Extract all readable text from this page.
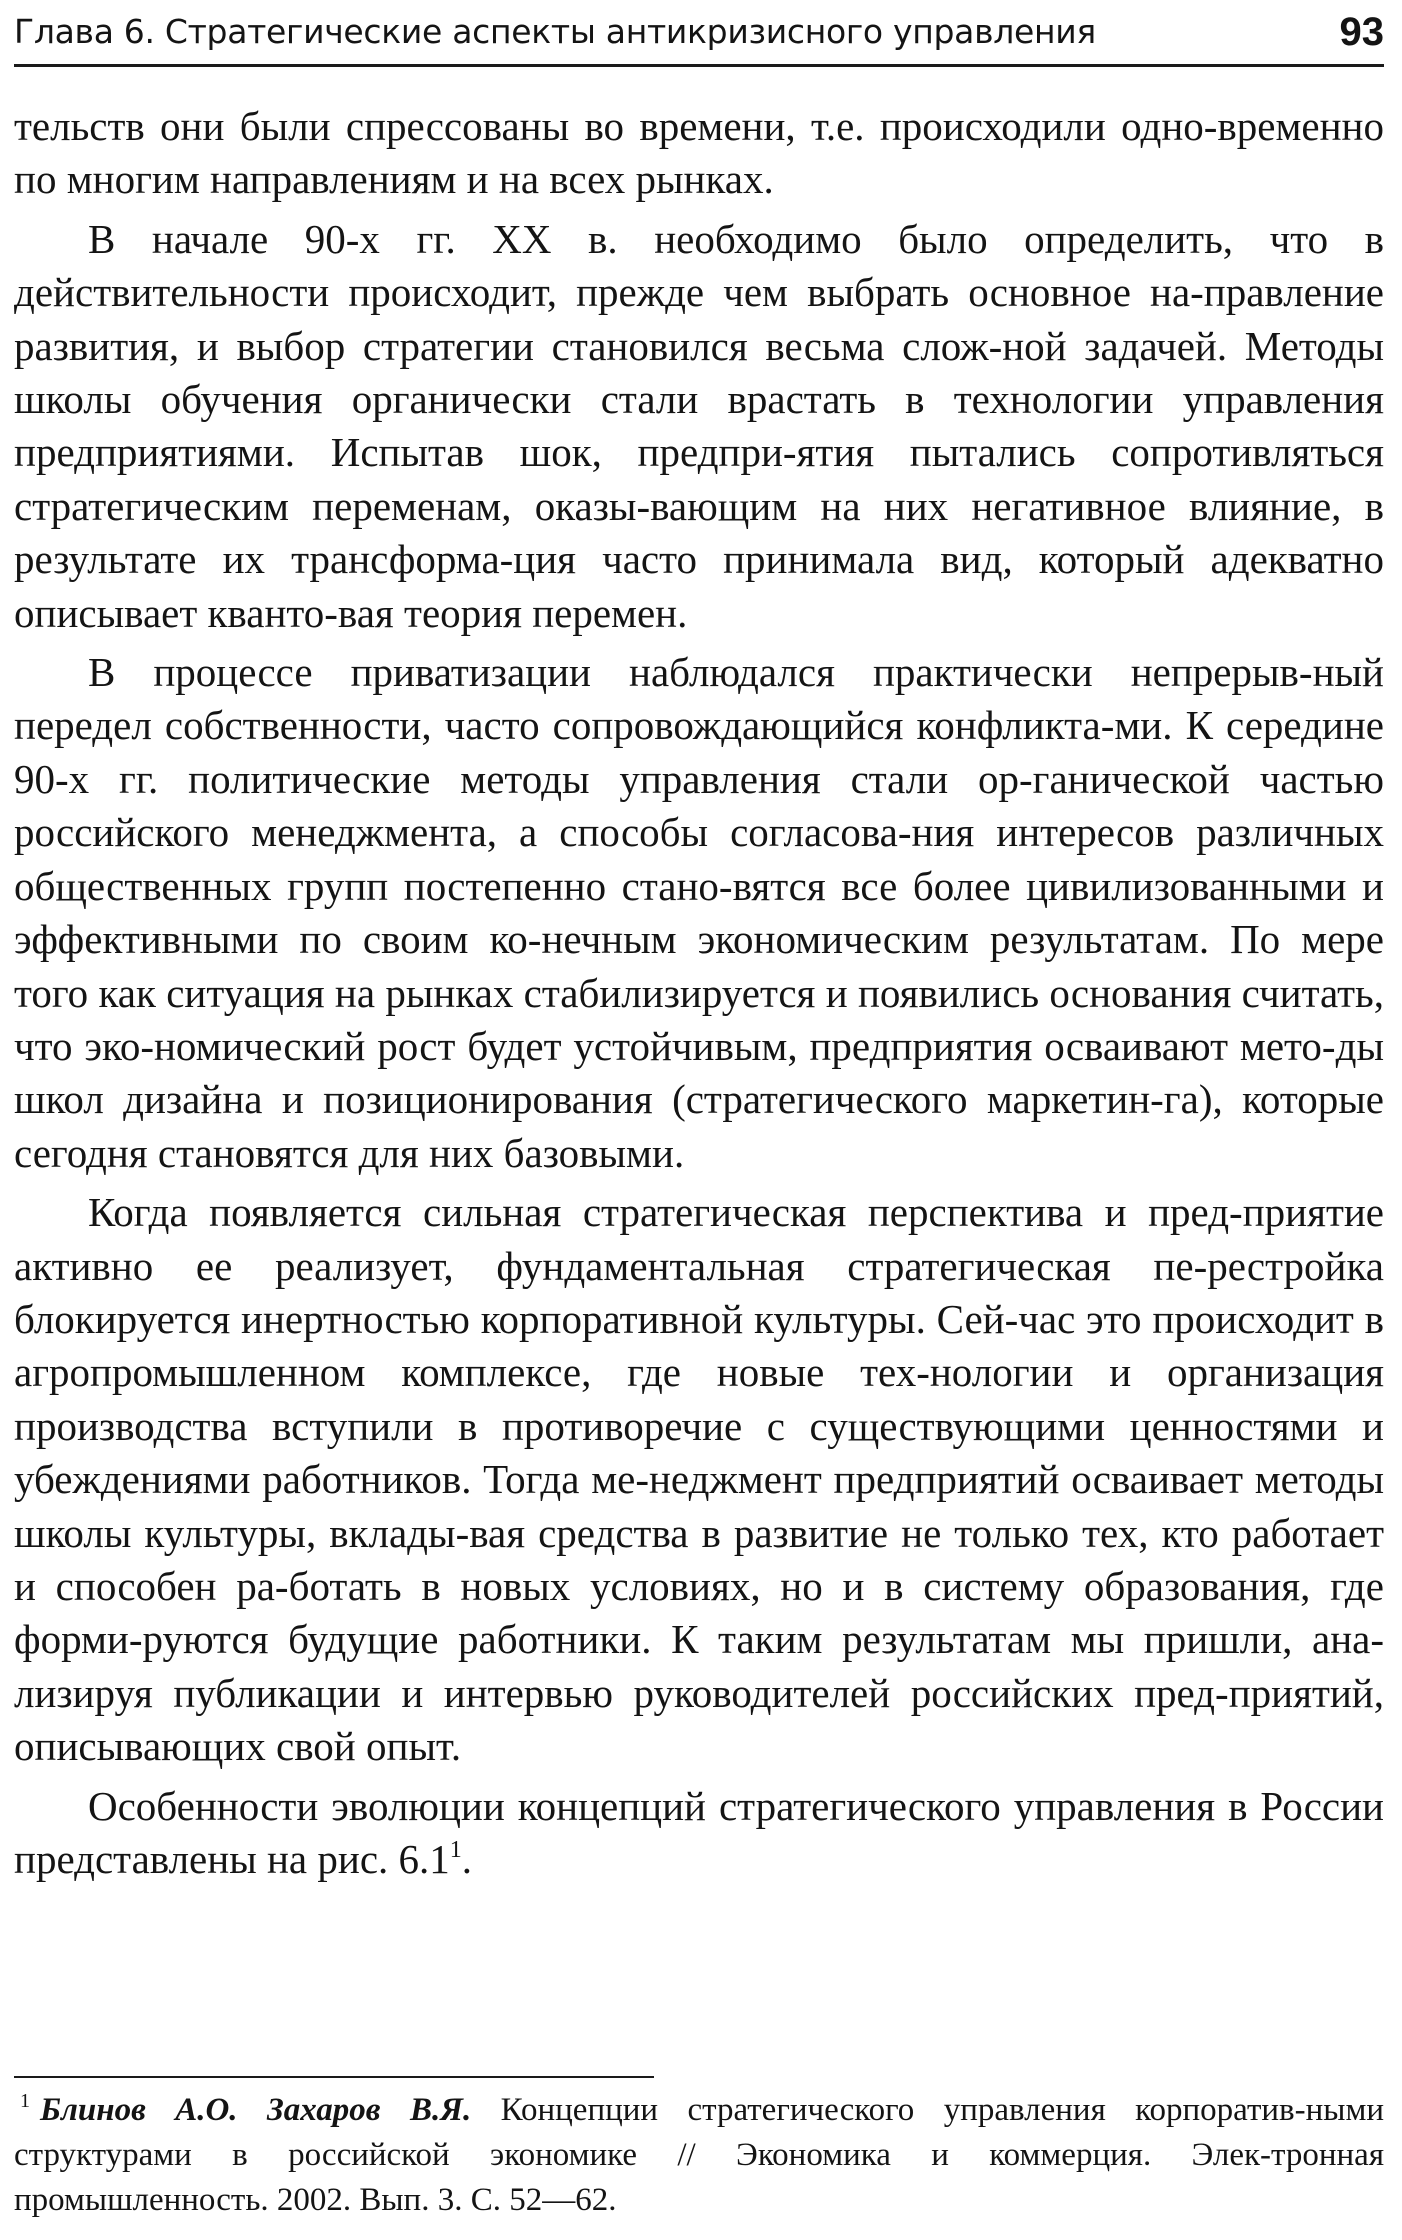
Глава 6. Стратегические аспекты антикризисного управления	93

тельств они были спрессованы во времени, т.е. происходили одно-временно по многим направлениям и на всех рынках.

В начале 90-х гг. XX в. необходимо было определить, что в действительности происходит, прежде чем выбрать основное на-правление развития, и выбор стратегии становился весьма слож-ной задачей. Методы школы обучения органически стали врастать в технологии управления предприятиями. Испытав шок, предпри-ятия пытались сопротивляться стратегическим переменам, оказы-вающим на них негативное влияние, в результате их трансформа-ция часто принимала вид, который адекватно описывает кванто-вая теория перемен.

В процессе приватизации наблюдался практически непрерыв-ный передел собственности, часто сопровождающийся конфликта-ми. К середине 90-х гг. политические методы управления стали ор-ганической частью российского менеджмента, а способы согласова-ния интересов различных общественных групп постепенно стано-вятся все более цивилизованными и эффективными по своим ко-нечным экономическим результатам. По мере того как ситуация на рынках стабилизируется и появились основания считать, что эко-номический рост будет устойчивым, предприятия осваивают мето-ды школ дизайна и позиционирования (стратегического маркетин-га), которые сегодня становятся для них базовыми.

Когда появляется сильная стратегическая перспектива и пред-приятие активно ее реализует, фундаментальная стратегическая пе-рестройка блокируется инертностью корпоративной культуры. Сей-час это происходит в агропромышленном комплексе, где новые тех-нологии и организация производства вступили в противоречие с существующими ценностями и убеждениями работников. Тогда ме-неджмент предприятий осваивает методы школы культуры, вклады-вая средства в развитие не только тех, кто работает и способен ра-ботать в новых условиях, но и в систему образования, где форми-руются будущие работники. К таким результатам мы пришли, ана-лизируя публикации и интервью руководителей российских пред-приятий, описывающих свой опыт.

Особенности эволюции концепций стратегического управления в России представлены на рис. $6.1^1$.

$^1$ Блинов А.О. Захаров В.Я. Концепции стратегического управления корпоратив-ными структурами в российской экономике // Экономика и коммерция. Элек-тронная промышленность. 2002. Вып. 3. С. 52—62.
